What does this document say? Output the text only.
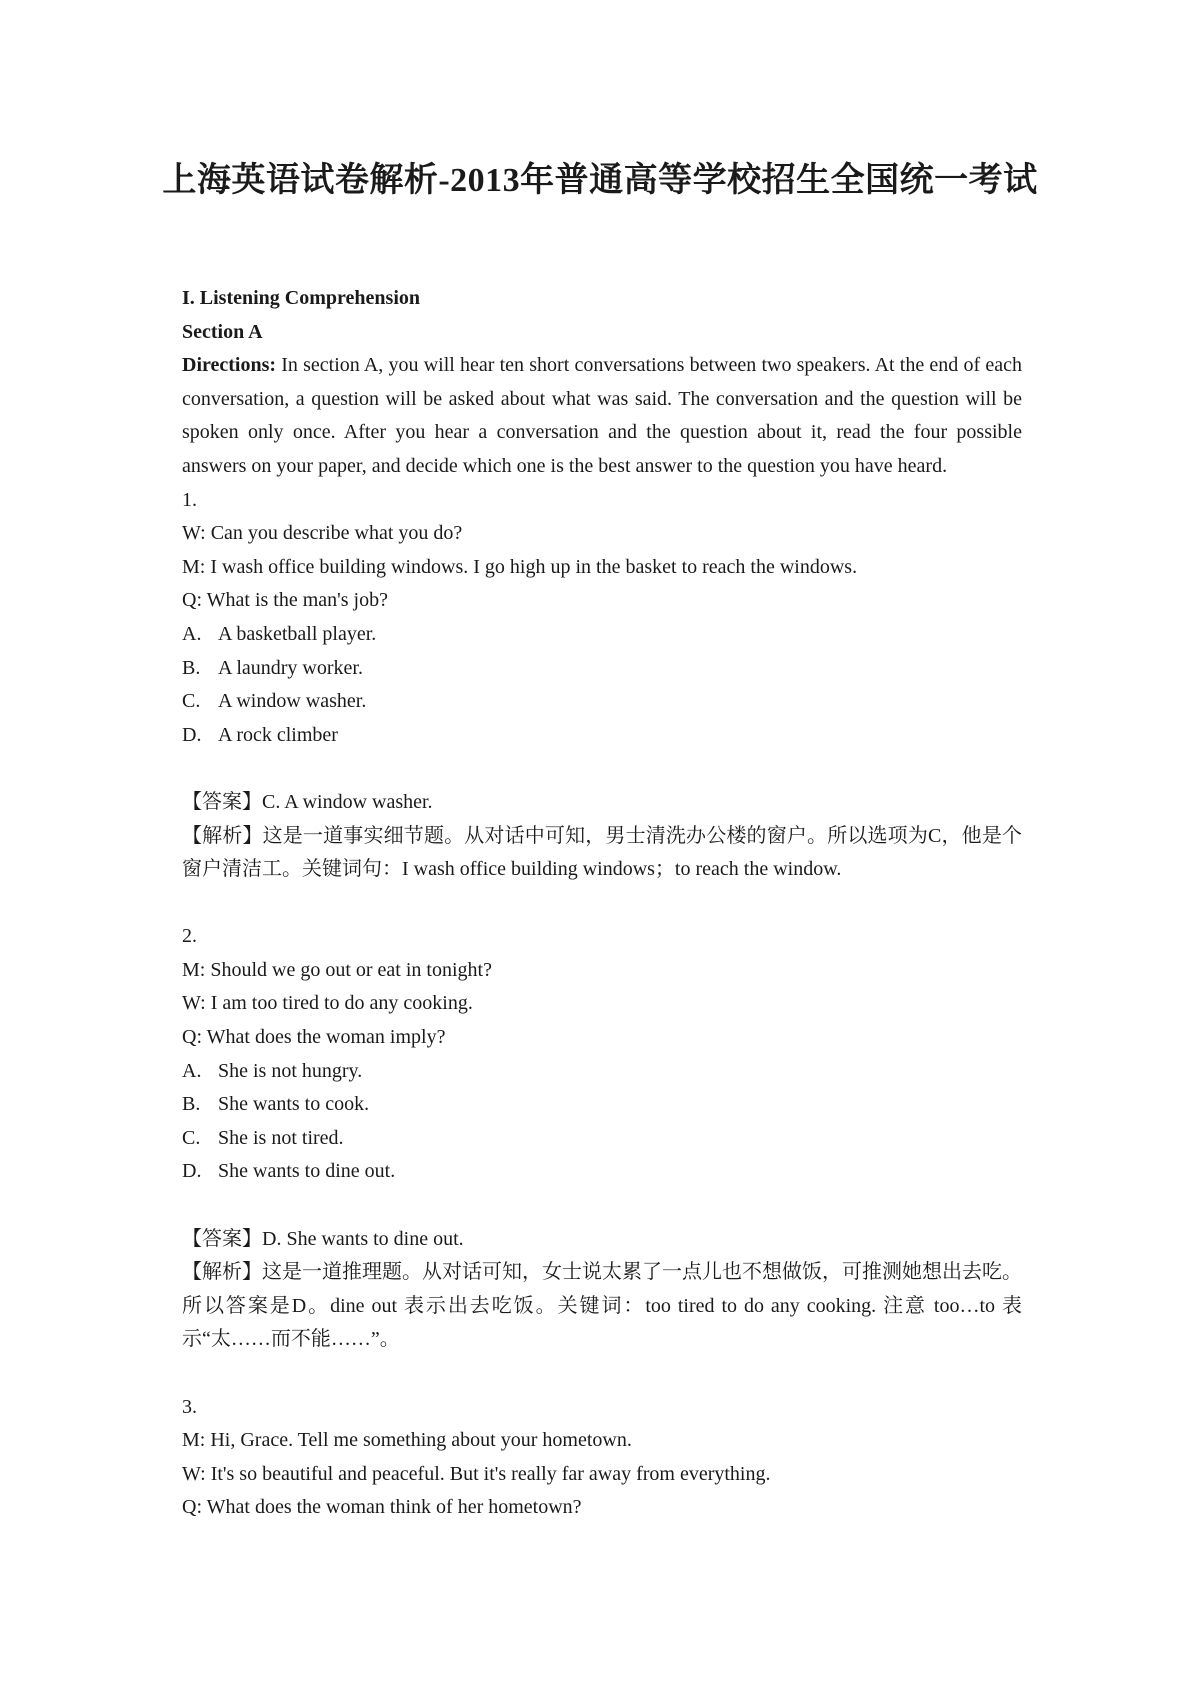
上海英语试卷解析-2013年普通高等学校招生全国统一考试

I. Listening Comprehension

Section A

Directions: In section A, you will hear ten short conversations between two speakers. At the end of each conversation, a question will be asked about what was said. The conversation and the question will be spoken only once. After you hear a conversation and the question about it, read the four possible answers on your paper, and decide which one is the best answer to the question you have heard.

1.

W: Can you describe what you do?

M: I wash office building windows. I go high up in the basket to reach the windows.

Q: What is the man's job?

A. A basketball player.

B. A laundry worker.

C. A window washer.

D. A rock climber

【答案】C. A window washer.

【解析】这是一道事实细节题。从对话中可知，男士清洗办公楼的窗户。所以选项为C，他是个窗户清洁工。关键词句：I wash office building windows；to reach the window.

2.

M: Should we go out or eat in tonight?

W: I am too tired to do any cooking.

Q: What does the woman imply?

A. She is not hungry.

B. She wants to cook.

C. She is not tired.

D. She wants to dine out.

【答案】D. She wants to dine out.

【解析】这是一道推理题。从对话可知，女士说太累了一点儿也不想做饭，可推测她想出去吃。所以答案是D。dine out 表示出去吃饭。关键词：too tired to do any cooking. 注意 too…to 表示“太……而不能……”。

3.

M: Hi, Grace. Tell me something about your hometown.

W: It's so beautiful and peaceful. But it's really far away from everything.

Q: What does the woman think of her hometown?
